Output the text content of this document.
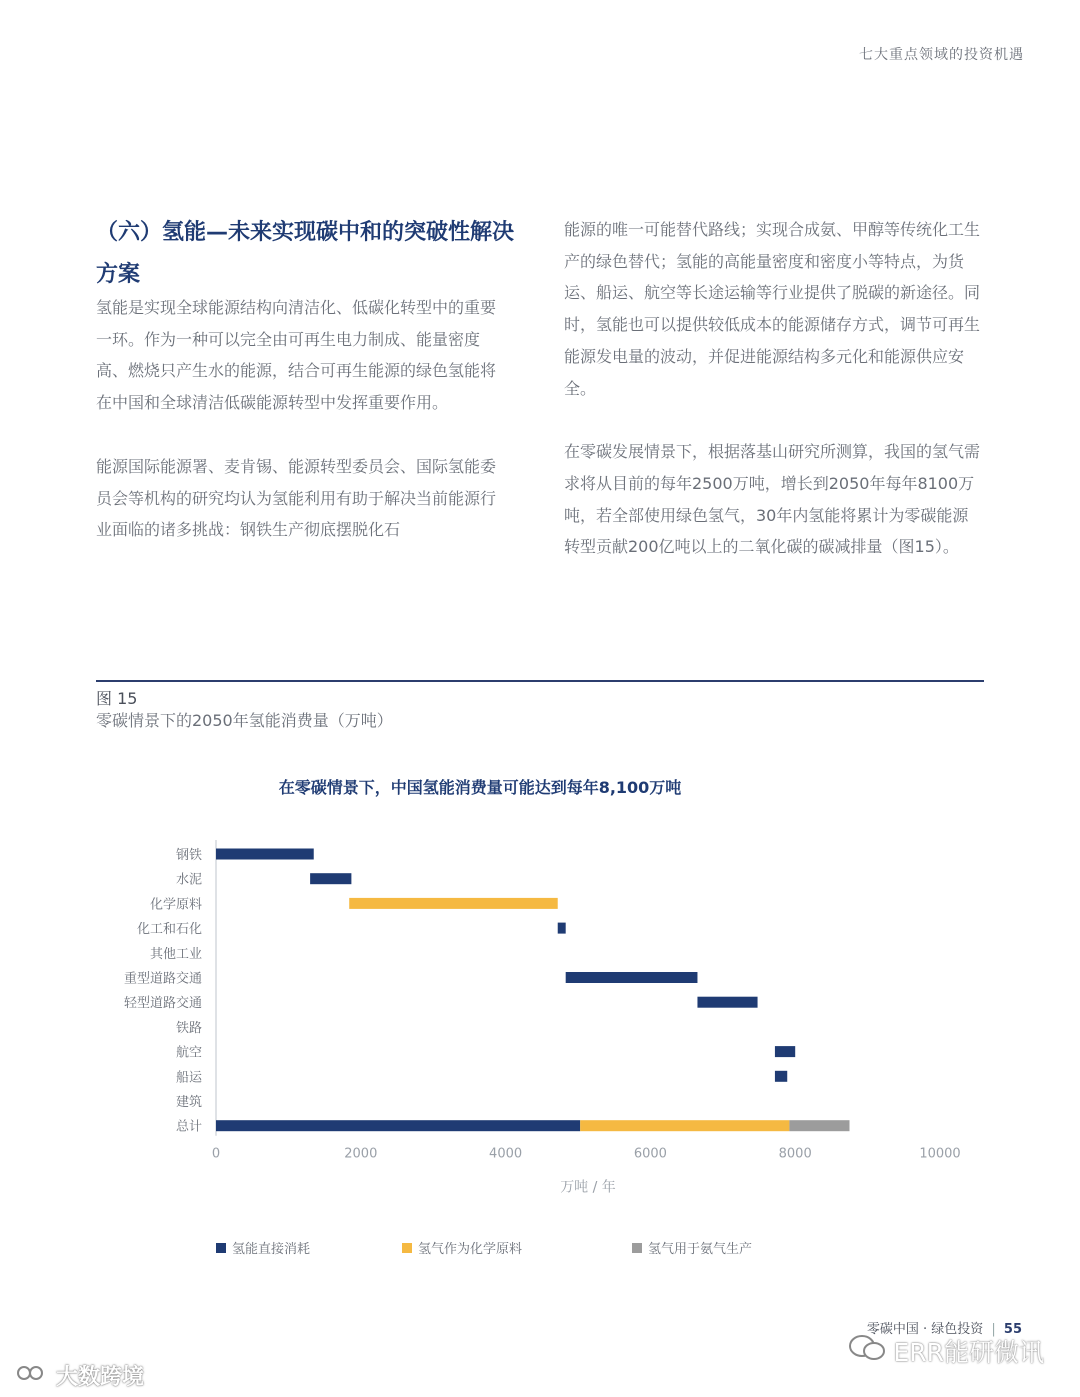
七大重点领域的投资机遇
（六）氢能—未来实现碳中和的突破性解决方案

氢能是实现全球能源结构向清洁化、低碳化转型中的重要一环。作为一种可以完全由可再生电力制成、能量密度高、燃烧只产生水的能源，结合可再生能源的绿色氢能将在中国和全球清洁低碳能源转型中发挥重要作用。

能源国际能源署、麦肯锡、能源转型委员会、国际氢能委员会等机构的研究均认为氢能利用有助于解决当前能源行业面临的诸多挑战：钢铁生产彻底摆脱化石

能源的唯一可能替代路线；实现合成氨、甲醇等传统化工生产的绿色替代；氢能的高能量密度和密度小等特点，为货运、船运、航空等长途运输等行业提供了脱碳的新途径。同时，氢能也可以提供较低成本的能源储存方式，调节可再生能源发电量的波动，并促进能源结构多元化和能源供应安全。

在零碳发展情景下，根据落基山研究所测算，我国的氢气需求将从目前的每年2500万吨，增长到2050年每年8100万吨，若全部使用绿色氢气，30年内氢能将累计为零碳能源转型贡献200亿吨以上的二氧化碳的碳减排量（图15）。

图 15
零碳情景下的2050年氢能消费量（万吨）
在零碳情景下，中国氢能消费量可能达到每年8,100万吨
钢铁
水泥
化学原料
化工和石化
其他工业
重型道路交通
轻型道路交通
铁路
航空
船运
建筑
总计
0	2000	4000	6000	8000	10000
万吨 / 年
氢能直接消耗	氢气作为化学原料	氢气用于氨气生产
零碳中国 · 绿色投资 | 55
大数跨境
ERR能研微讯
